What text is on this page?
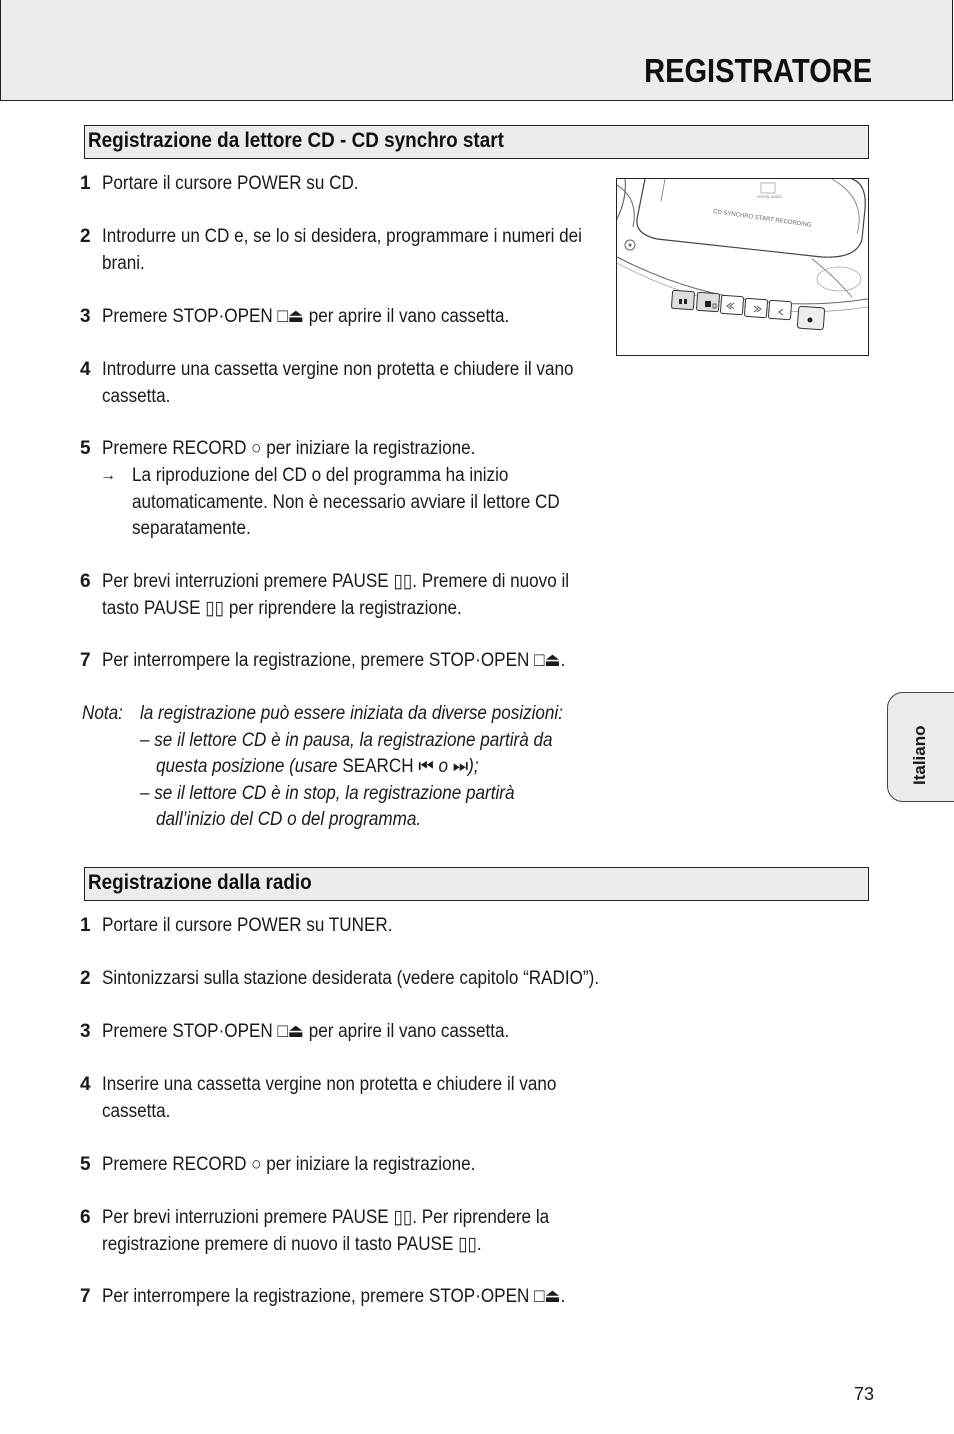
REGISTRATORE
Registrazione da lettore CD - CD synchro start
1 Portare il cursore POWER su CD.
2 Introdurre un CD e, se lo si desidera, programmare i numeri dei
brani.
3 Premere STOP·OPEN □⏏ per aprire il vano cassetta.
4 Introdurre una cassetta vergine non protetta e chiudere il vano
cassetta.
5 Premere RECORD ○ per iniziare la registrazione.
→ La riproduzione del CD o del programma ha inizio
automaticamente. Non è necessario avviare il lettore CD
separatamente.
6 Per brevi interruzioni premere PAUSE ▯▯. Premere di nuovo il
tasto PAUSE ▯▯ per riprendere la registrazione.
7 Per interrompere la registrazione, premere STOP·OPEN □⏏.
Nota: la registrazione può essere iniziata da diverse posizioni:
– se il lettore CD è in pausa, la registrazione partirà da
questa posizione (usare SEARCH ⏮ o ⏭);
– se il lettore CD è in stop, la registrazione partirà
dall’inizio del CD o del programma.
DIGITAL AUDIO
CD SYNCHRO START RECORDING
Italiano
Registrazione dalla radio
1 Portare il cursore POWER su TUNER.
2 Sintonizzarsi sulla stazione desiderata (vedere capitolo “RADIO”).
3 Premere STOP·OPEN □⏏ per aprire il vano cassetta.
4 Inserire una cassetta vergine non protetta e chiudere il vano
cassetta.
5 Premere RECORD ○ per iniziare la registrazione.
6 Per brevi interruzioni premere PAUSE ▯▯. Per riprendere la
registrazione premere di nuovo il tasto PAUSE ▯▯.
7 Per interrompere la registrazione, premere STOP·OPEN □⏏.
73
